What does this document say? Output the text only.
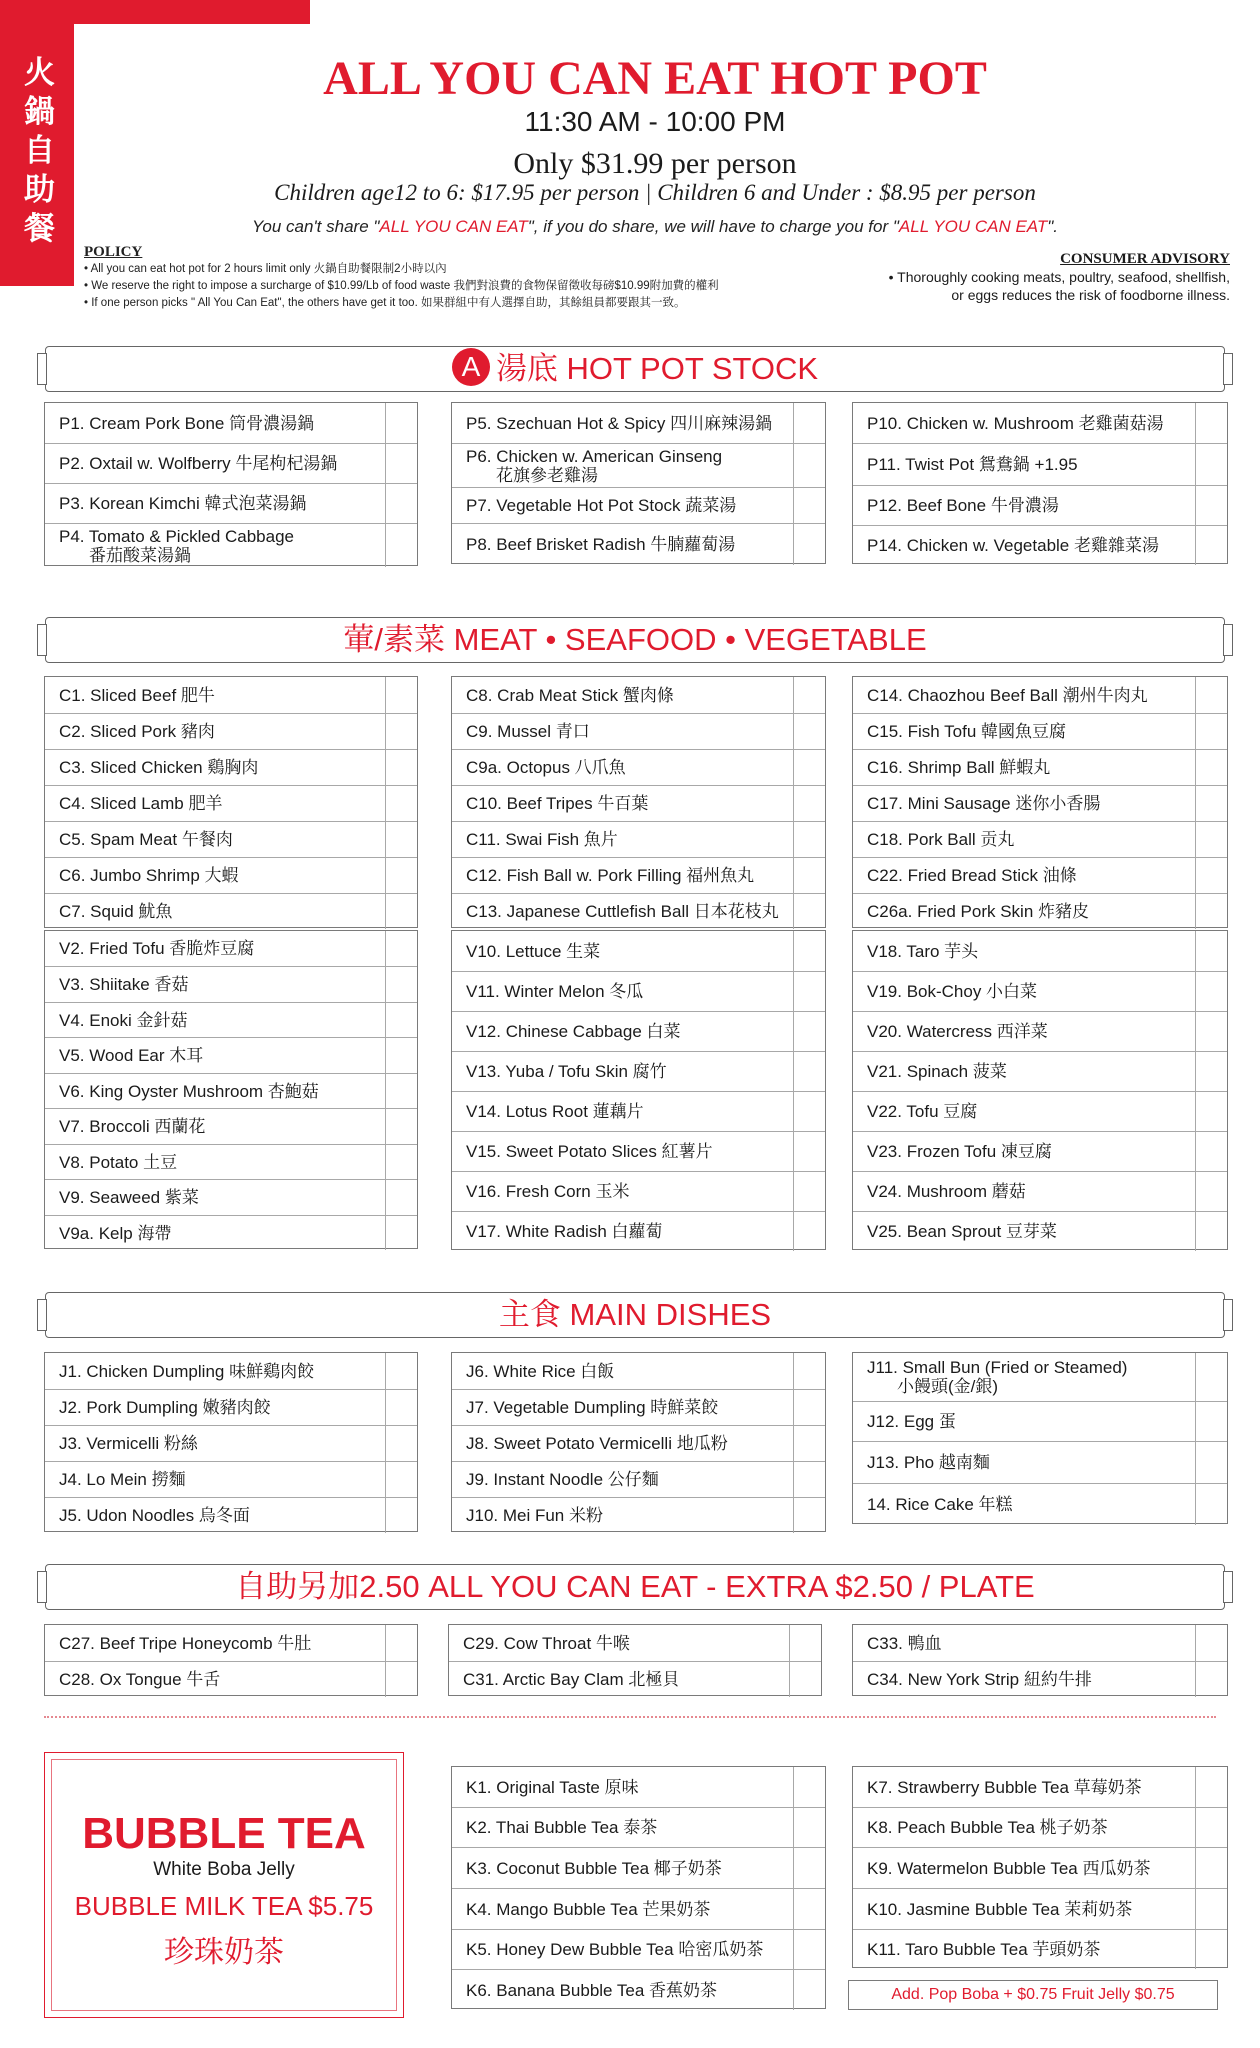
火鍋自助餐
ALL YOU CAN EAT HOT POT
11:30 AM - 10:00 PM
Only $31.99 per person
Children age12 to 6: $17.95 per person | Children 6 and Under : $8.95 per person
You can't share "ALL YOU CAN EAT", if you do share, we will have to charge you for "ALL YOU CAN EAT".
POLICY
• All you can eat hot pot for 2 hours limit only 火鍋自助餐限制2小時以內
• We reserve the right to impose a surcharge of $10.99/Lb of food waste 我們對浪費的食物保留徵收每磅$10.99附加費的權利
• If one person picks " All You Can Eat", the others have get it too. 如果群組中有人選擇自助，其餘組員都要跟其一致。
CONSUMER ADVISORY
• Thoroughly cooking meats, poultry, seafood, shellfish,
or eggs reduces the risk of foodborne illness.
A 湯底 HOT POT STOCK
葷/素菜 MEAT • SEAFOOD • VEGETABLE
主食 MAIN DISHES
自助另加2.50 ALL YOU CAN EAT - EXTRA $2.50 / PLATE
BUBBLE TEA
White Boba Jelly
BUBBLE MILK TEA $5.75
珍珠奶茶
Add. Pop Boba + $0.75 Fruit Jelly $0.75
P1. Cream Pork Bone 筒骨濃湯鍋
P2. Oxtail w. Wolfberry 牛尾枸杞湯鍋
P3. Korean Kimchi 韓式泡菜湯鍋
P4. Tomato & Pickled Cabbage
番茄酸菜湯鍋
P5. Szechuan Hot & Spicy 四川麻辣湯鍋
P6. Chicken w. American Ginseng
花旗參老雞湯
P7. Vegetable Hot Pot Stock 蔬菜湯
P8. Beef Brisket Radish 牛腩蘿蔔湯
P10. Chicken w. Mushroom 老雞菌菇湯
P11. Twist Pot 鴛鴦鍋 +1.95
P12. Beef Bone 牛骨濃湯
P14. Chicken w. Vegetable 老雞雜菜湯
C1. Sliced Beef 肥牛
C2. Sliced Pork 豬肉
C3. Sliced Chicken 鷄胸肉
C4. Sliced Lamb 肥羊
C5. Spam Meat 午餐肉
C6. Jumbo Shrimp 大蝦
C7. Squid 魷魚
C8. Crab Meat Stick 蟹肉條
C9. Mussel 青口
C9a. Octopus 八爪魚
C10. Beef Tripes 牛百葉
C11. Swai Fish 魚片
C12. Fish Ball w. Pork Filling 福州魚丸
C13. Japanese Cuttlefish Ball 日本花枝丸
C14. Chaozhou Beef Ball 潮州牛肉丸
C15. Fish Tofu 韓國魚豆腐
C16. Shrimp Ball 鮮蝦丸
C17. Mini Sausage 迷你小香腸
C18. Pork Ball 贡丸
C22. Fried Bread Stick 油條
C26a. Fried Pork Skin 炸豬皮
V2. Fried Tofu 香脆炸豆腐
V3. Shiitake 香菇
V4. Enoki 金針菇
V5. Wood Ear 木耳
V6. King Oyster Mushroom 杏鮑菇
V7. Broccoli 西蘭花
V8. Potato 土豆
V9. Seaweed 紫菜
V9a. Kelp 海帶
V10. Lettuce 生菜
V11. Winter Melon 冬瓜
V12. Chinese Cabbage 白菜
V13. Yuba / Tofu Skin 腐竹
V14. Lotus Root 蓮藕片
V15. Sweet Potato Slices 紅薯片
V16. Fresh Corn 玉米
V17. White Radish 白蘿蔔
V18. Taro 芋头
V19. Bok-Choy 小白菜
V20. Watercress 西洋菜
V21. Spinach 菠菜
V22. Tofu 豆腐
V23. Frozen Tofu 凍豆腐
V24. Mushroom 蘑菇
V25. Bean Sprout 豆芽菜
J1. Chicken Dumpling 味鮮鷄肉餃
J2. Pork Dumpling 嫩豬肉餃
J3. Vermicelli 粉絲
J4. Lo Mein 撈麵
J5. Udon Noodles 烏冬面
J6. White Rice 白飯
J7. Vegetable Dumpling 時鮮菜餃
J8. Sweet Potato Vermicelli 地瓜粉
J9. Instant Noodle 公仔麵
J10. Mei Fun 米粉
J11. Small Bun (Fried or Steamed)
小饅頭(金/銀)
J12. Egg 蛋
J13. Pho 越南麵
14. Rice Cake 年糕
C27. Beef Tripe Honeycomb 牛肚
C28. Ox Tongue 牛舌
C29. Cow Throat 牛喉
C31. Arctic Bay Clam 北極貝
C33. 鴨血
C34. New York Strip 紐約牛排
K1. Original Taste 原味
K2. Thai Bubble Tea 泰茶
K3. Coconut Bubble Tea 椰子奶茶
K4. Mango Bubble Tea 芒果奶茶
K5. Honey Dew Bubble Tea 哈密瓜奶茶
K6. Banana Bubble Tea 香蕉奶茶
K7. Strawberry Bubble Tea 草莓奶茶
K8. Peach Bubble Tea 桃子奶茶
K9. Watermelon Bubble Tea 西瓜奶茶
K10. Jasmine Bubble Tea 茉莉奶茶
K11. Taro Bubble Tea 芋頭奶茶
